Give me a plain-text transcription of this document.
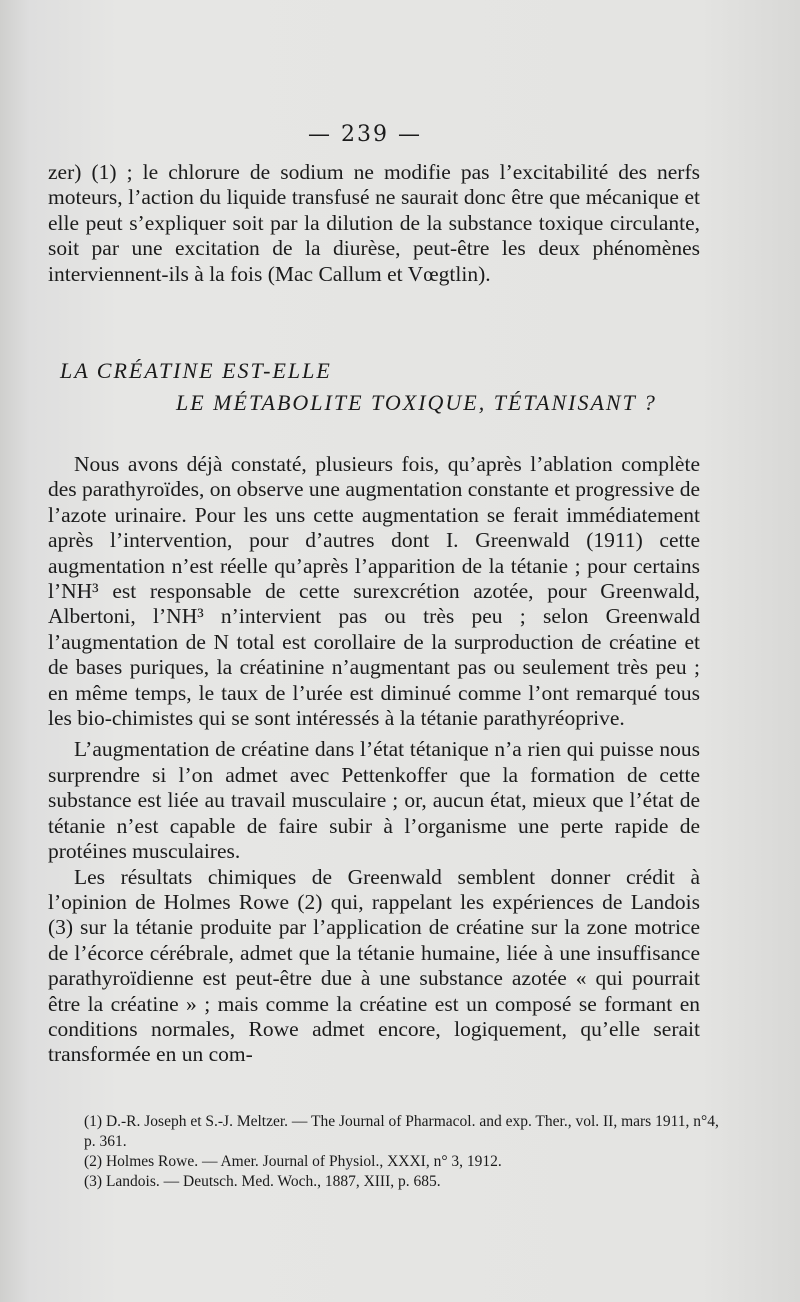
— 239 —

zer) (1) ; le chlorure de sodium ne modifie pas l’excitabilité des nerfs moteurs, l’action du liquide transfusé ne saurait donc être que mécanique et elle peut s’expliquer soit par la dilution de la substance toxique circulante, soit par une excitation de la diurèse, peut-être les deux phénomènes interviennent-ils à la fois (Mac Callum et Vœgtlin).

LA CRÉATINE EST-ELLE
LE MÉTABOLITE TOXIQUE, TÉTANISANT ?

Nous avons déjà constaté, plusieurs fois, qu’après l’ablation complète des parathyroïdes, on observe une augmentation constante et progressive de l’azote urinaire. Pour les uns cette augmentation se ferait immédiatement après l’intervention, pour d’autres dont I. Greenwald (1911) cette augmentation n’est réelle qu’après l’apparition de la tétanie ; pour certains l’NH³ est responsable de cette surexcrétion azotée, pour Greenwald, Albertoni, l’NH³ n’intervient pas ou très peu ; selon Greenwald l’augmentation de N total est corollaire de la surproduction de créatine et de bases puriques, la créatinine n’augmentant pas ou seulement très peu ; en même temps, le taux de l’urée est diminué comme l’ont remarqué tous les bio-chimistes qui se sont intéressés à la tétanie parathyréoprive.

L’augmentation de créatine dans l’état tétanique n’a rien qui puisse nous surprendre si l’on admet avec Pettenkoffer que la formation de cette substance est liée au travail musculaire ; or, aucun état, mieux que l’état de tétanie n’est capable de faire subir à l’organisme une perte rapide de protéines musculaires.

Les résultats chimiques de Greenwald semblent donner crédit à l’opinion de Holmes Rowe (2) qui, rappelant les expériences de Landois (3) sur la tétanie produite par l’application de créatine sur la zone motrice de l’écorce cérébrale, admet que la tétanie humaine, liée à une insuffisance parathyroïdienne est peut-être due à une substance azotée « qui pourrait être la créatine » ; mais comme la créatine est un composé se formant en conditions normales, Rowe admet encore, logiquement, qu’elle serait transformée en un com-

(1) D.-R. Joseph et S.-J. Meltzer. — The Journal of Pharmacol. and exp. Ther., vol. II, mars 1911, n°4, p. 361.

(2) Holmes Rowe. — Amer. Journal of Physiol., XXXI, n° 3, 1912.

(3) Landois. — Deutsch. Med. Woch., 1887, XIII, p. 685.
